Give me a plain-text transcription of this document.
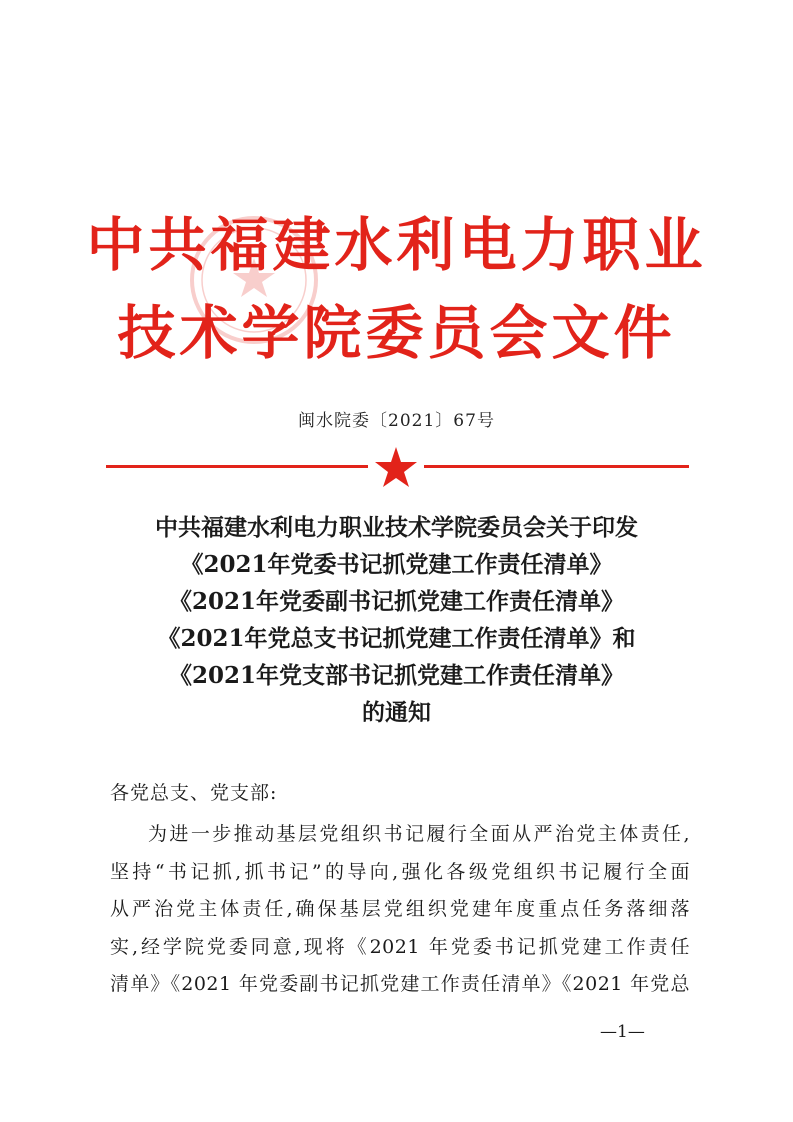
中共福建水利电力职业
技术学院委员会文件
闽水院委〔2021〕67号
中共福建水利电力职业技术学院委员会关于印发
《2021年党委书记抓党建工作责任清单》
《2021年党委副书记抓党建工作责任清单》
《2021年党总支书记抓党建工作责任清单》和
《2021年党支部书记抓党建工作责任清单》
的通知
各党总支、党支部:
为进一步推动基层党组织书记履行全面从严治党主体责任,
坚持“书记抓,抓书记”的导向,强化各级党组织书记履行全面
从严治党主体责任,确保基层党组织党建年度重点任务落细落
实,经学院党委同意,现将《2021 年党委书记抓党建工作责任
清单》《2021 年党委副书记抓党建工作责任清单》《2021 年党总
—1—
